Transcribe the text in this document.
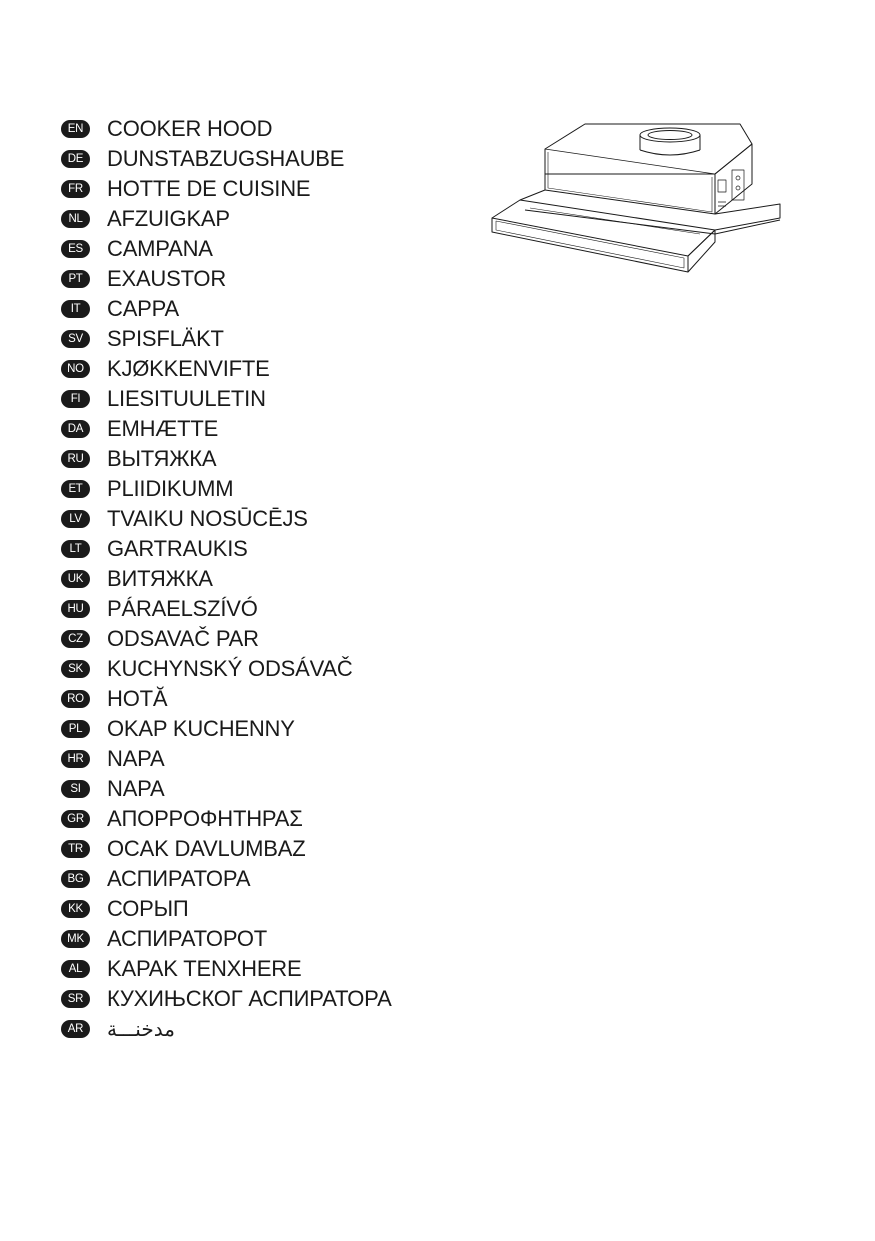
EN	COOKER HOOD
DE	DUNSTABZUGSHAUBE
FR	HOTTE DE CUISINE
NL	AFZUIGKAP
ES	CAMPANA
PT	EXAUSTOR
IT	CAPPA
SV	SPISFLÄKT
NO KJØKKENVIFTE
FI	LIESITUULETIN
DA	EMHÆTTE
RU ВЫТЯЖКА
ET	PLIIDIKUMM
LV	TVAIKU NOSŪCĒJS
LT	GARTRAUKIS
UK	ВИТЯЖКА
HU PÁRAELSZÍVÓ
CZ	ODSAVAČ PAR
SK	KUCHYNSKÝ ODSÁVAČ
RO HOTĂ
PL	OKAP KUCHENNY
HR NAPA
SI	NAPA
GR ΑΠΟΡΡΟΦΗΤΗΡΑΣ
TR	OCAK DAVLUMBAZ
BG АСПИРАТОРА
KK	СОРЫП
MK АСПИРАТОРОТ
AL	KAPAK TENXHERE
SR	КУХИЊСКОГ АСПИРАТОРА
AR	مدخنـــة
